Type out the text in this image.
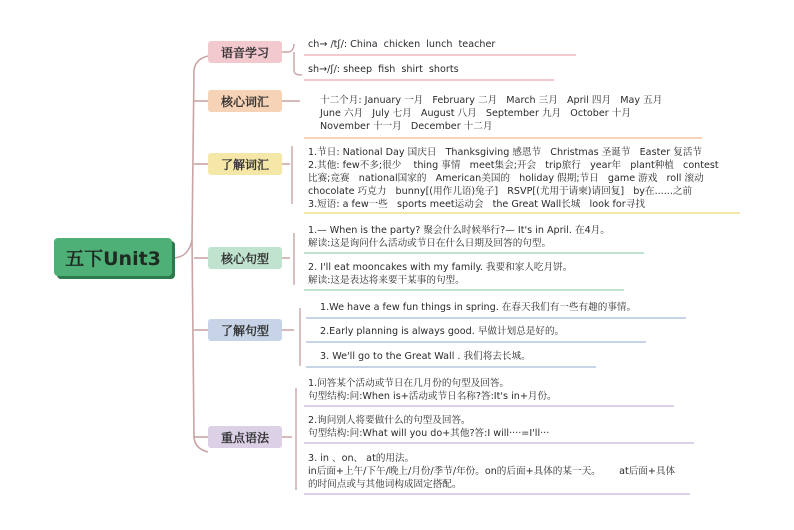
五下Unit3
语音学习
核心词汇
了解词汇
核心句型
了解句型
重点语法
ch→ /tʃ/: China  chicken  lunch  teacher
sh→/ʃ/: sheep  fish  shirt  shorts
十二个月: January 一月   February 二月   March 三月   April 四月   May 五月
June 六月   July 七月   August 八月   September 九月   October 十月
November 十一月   December 十二月
1.节日: National Day 国庆日   Thanksgiving 感恩节   Christmas 圣诞节   Easter 复活节
2.其他: few不多;很少    thing 事情   meet集会;开会   trip旅行   year年   plant种植   contest
比赛;竞赛   national国家的   American美国的   holiday 假期;节日   game 游戏   roll 滚动
chocolate 巧克力   bunny[(用作儿语)兔子]   RSVP[(尤用于请柬)请回复]   by在......之前
3.短语: a few一些   sports meet运动会   the Great Wall长城   look for寻找
1.— When is the party? 聚会什么时候举行?— It's in April. 在4月。
解读:这是询问什么活动或节日在什么日期及回答的句型。
2. I'll eat mooncakes with my family. 我要和家人吃月饼。
解读:这是表达将来要干某事的句型。
1.We have a few fun things in spring. 在春天我们有一些有趣的事情。
2.Early planning is always good. 早做计划总是好的。
3. We'll go to the Great Wall . 我们将去长城。
1.问答某个活动或节日在几月份的句型及回答。
句型结构:问:When is+活动或节日名称?答:It's in+月份。
2.询问别人将要做什么的句型及回答。
句型结构:问:What will you do+其他?答:I will····=I'll···
3. in 、on、 at的用法。
in后面+上午/下午/晚上/月份/季节/年份。on的后面+具体的某一天。      at后面+具体
的时间点或与其他词构成固定搭配。
